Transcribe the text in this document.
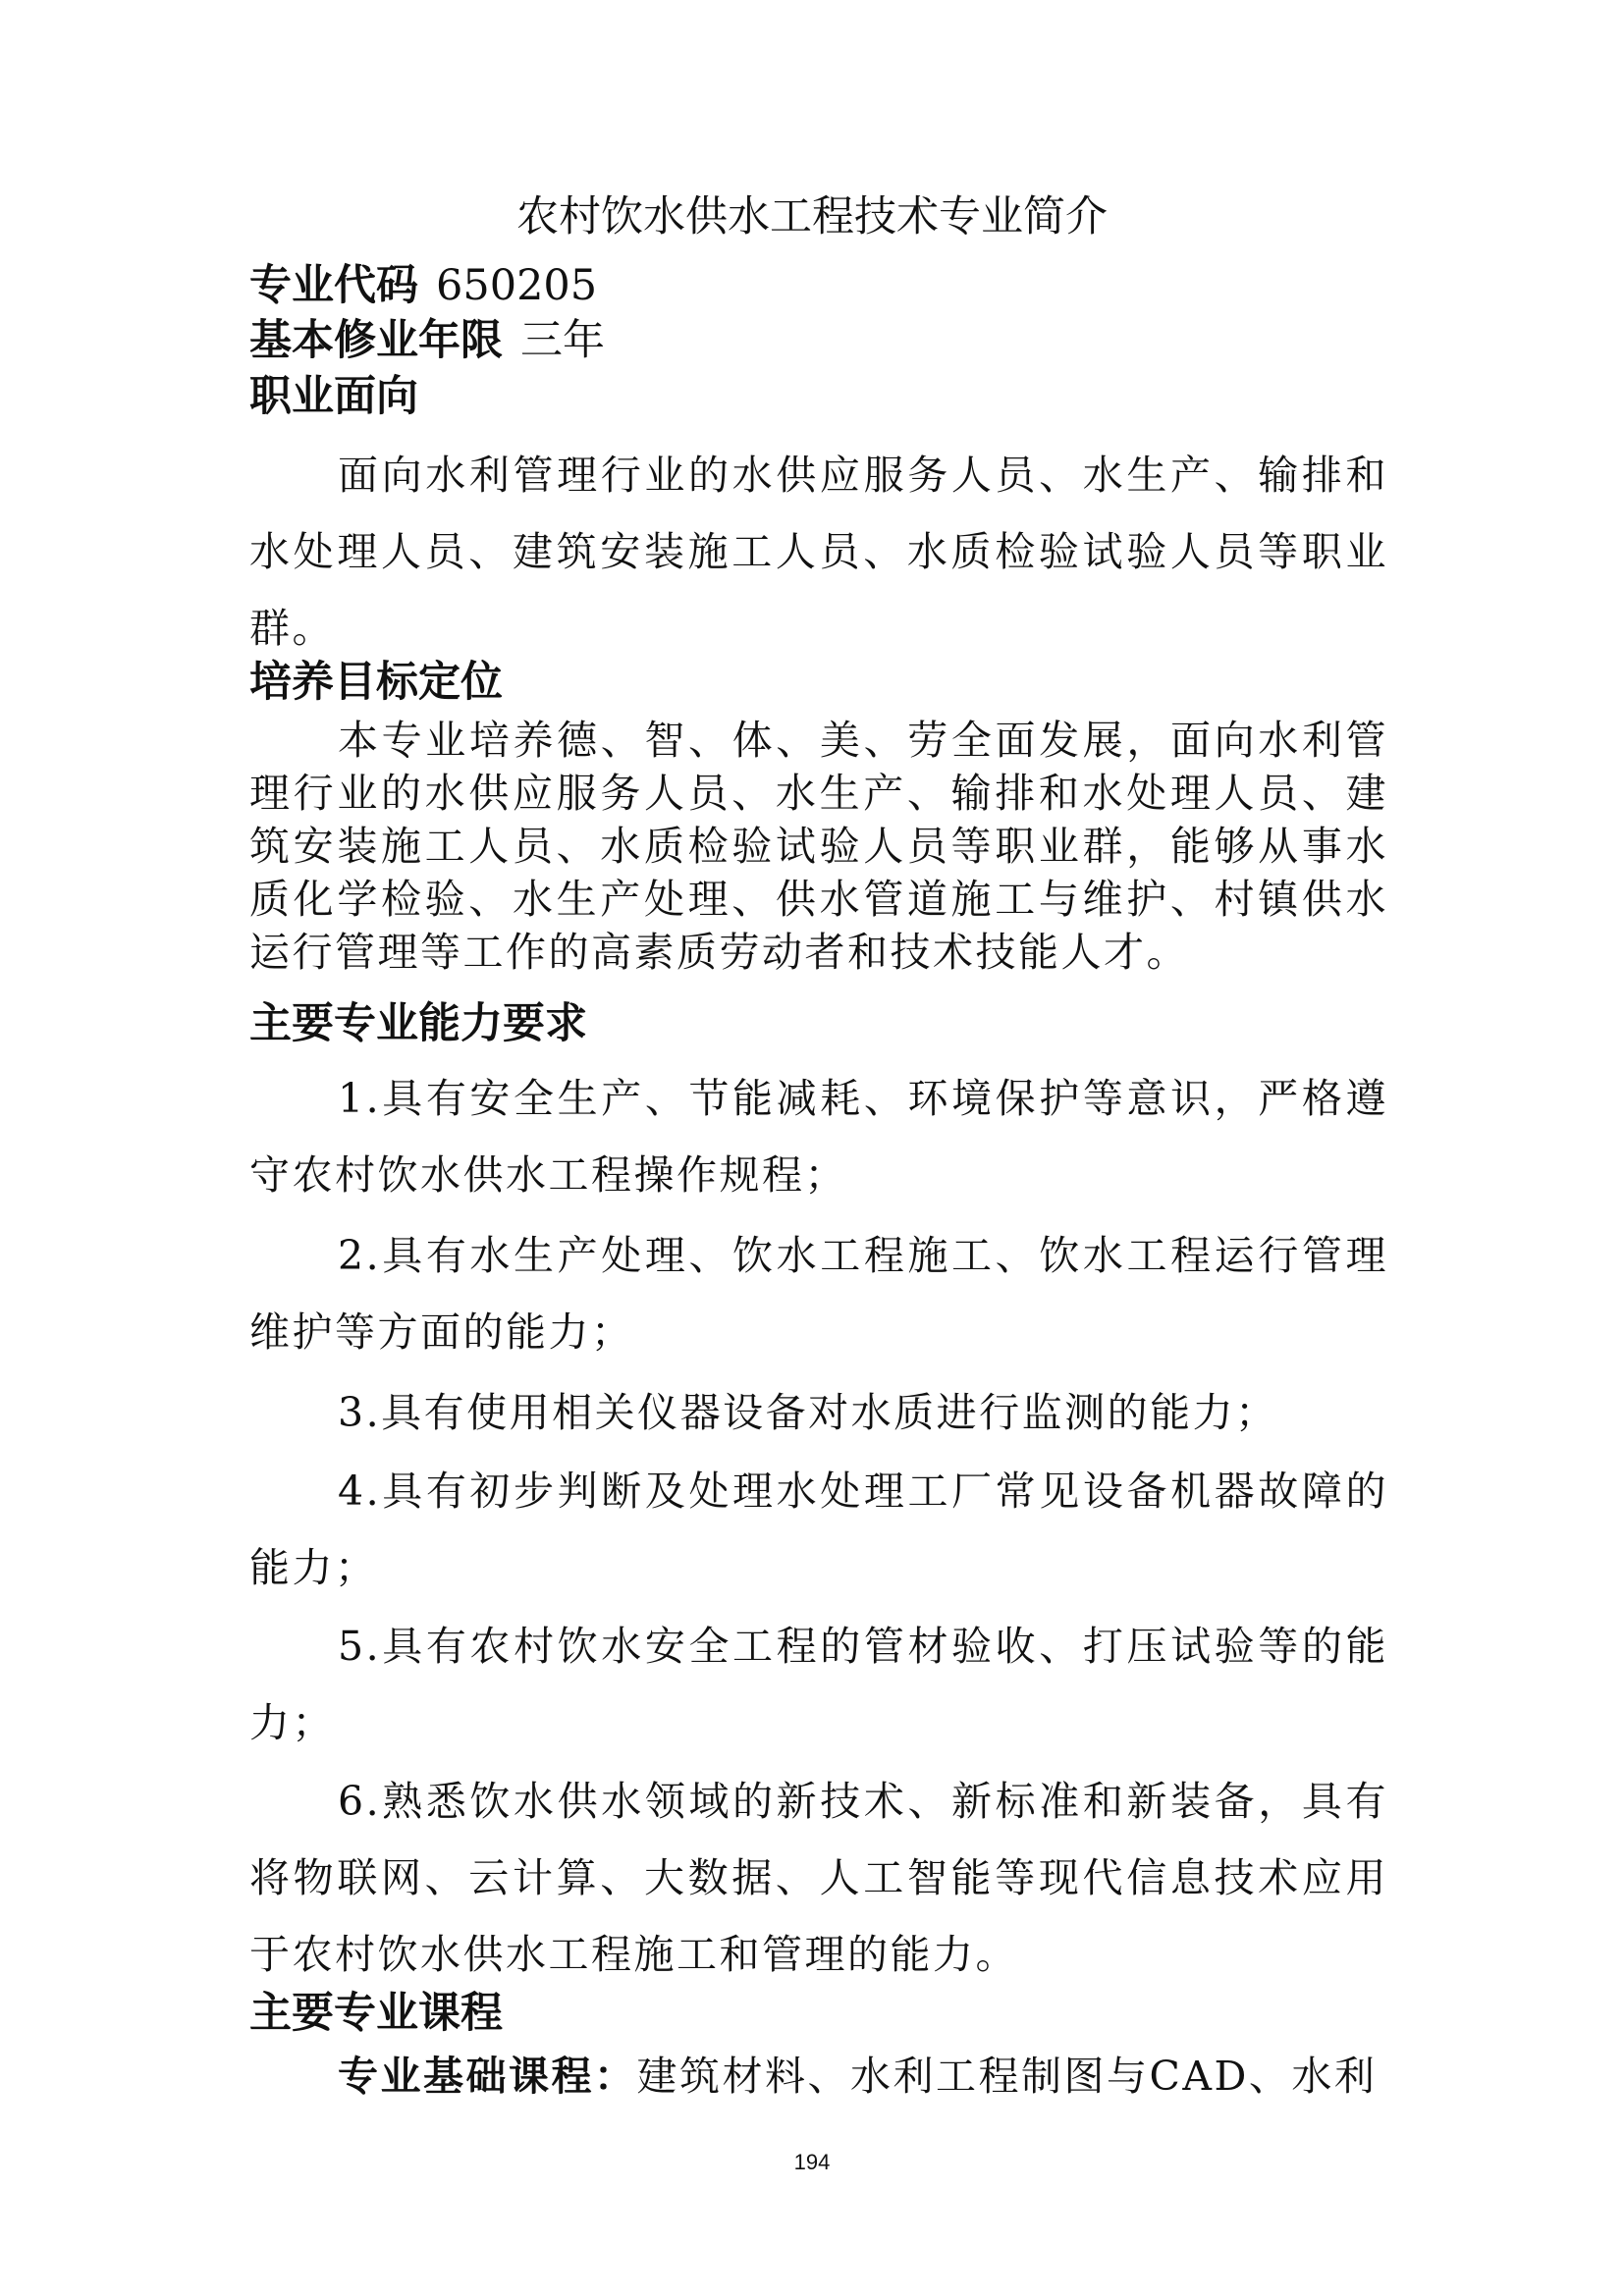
农村饮水供水工程技术专业简介

专业代码 650205

基本修业年限 三年

职业面向

面向水利管理行业的水供应服务人员、水生产、输排和水处理人员、建筑安装施工人员、水质检验试验人员等职业群。

培养目标定位

本专业培养德、智、体、美、劳全面发展，面向水利管理行业的水供应服务人员、水生产、输排和水处理人员、建筑安装施工人员、水质检验试验人员等职业群，能够从事水质化学检验、水生产处理、供水管道施工与维护、村镇供水运行管理等工作的高素质劳动者和技术技能人才。

主要专业能力要求

1.具有安全生产、节能减耗、环境保护等意识，严格遵守农村饮水供水工程操作规程；

2.具有水生产处理、饮水工程施工、饮水工程运行管理维护等方面的能力；

3.具有使用相关仪器设备对水质进行监测的能力；

4.具有初步判断及处理水处理工厂常见设备机器故障的能力；

5.具有农村饮水安全工程的管材验收、打压试验等的能力；

6.熟悉饮水供水领域的新技术、新标准和新装备，具有将物联网、云计算、大数据、人工智能等现代信息技术应用于农村饮水供水工程施工和管理的能力。

主要专业课程

专业基础课程：建筑材料、水利工程制图与CAD、水利

194
